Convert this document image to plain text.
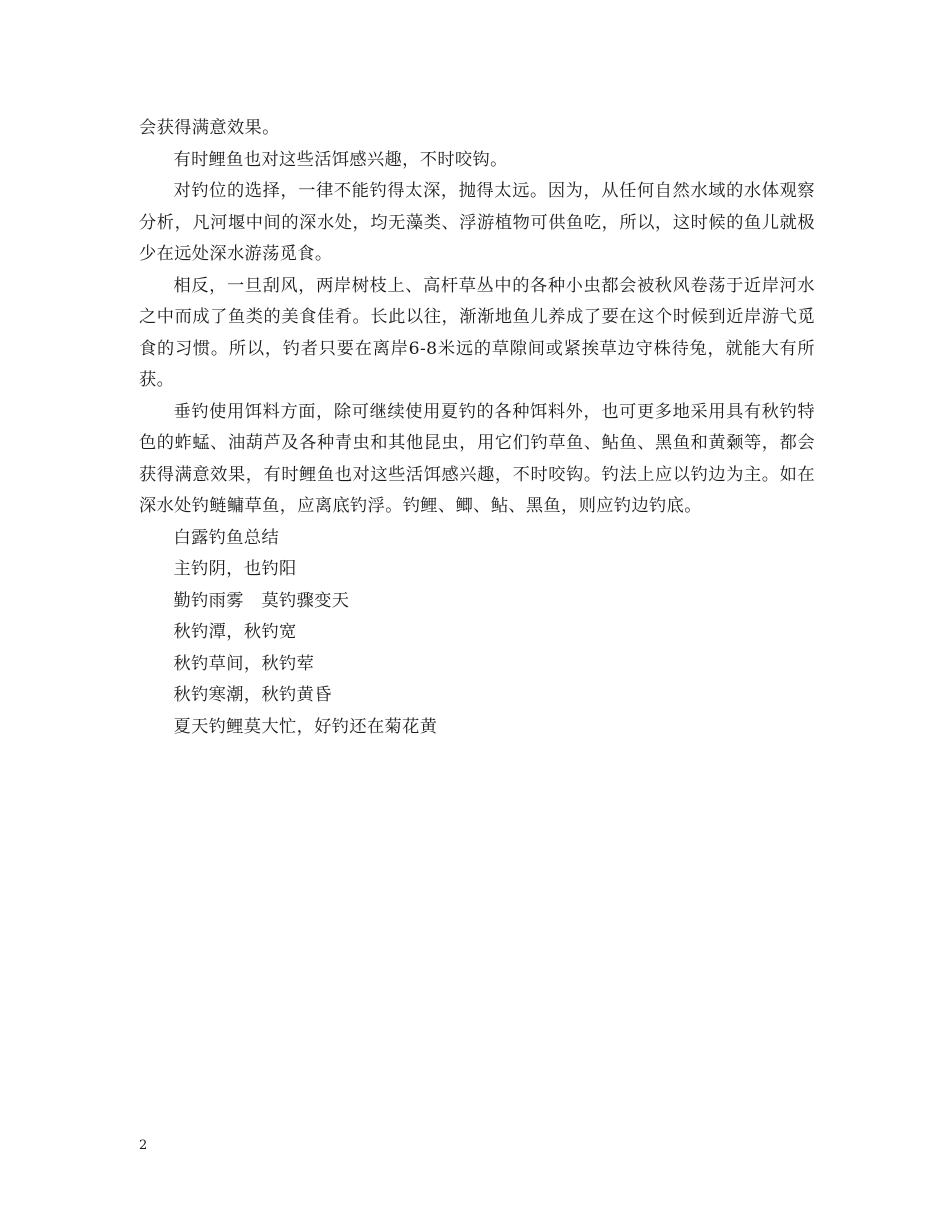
会获得满意效果。

有时鲤鱼也对这些活饵感兴趣，不时咬钩。

对钓位的选择，一律不能钓得太深，抛得太远。因为，从任何自然水域的水体观察分析，凡河堰中间的深水处，均无藻类、浮游植物可供鱼吃，所以，这时候的鱼儿就极少在远处深水游荡觅食。

相反，一旦刮风，两岸树枝上、高杆草丛中的各种小虫都会被秋风卷荡于近岸河水之中而成了鱼类的美食佳肴。长此以往，渐渐地鱼儿养成了要在这个时候到近岸游弋觅食的习惯。所以，钓者只要在离岸6-8米远的草隙间或紧挨草边守株待兔，就能大有所获。

垂钓使用饵料方面，除可继续使用夏钓的各种饵料外，也可更多地采用具有秋钓特色的蚱蜢、油葫芦及各种青虫和其他昆虫，用它们钓草鱼、鲇鱼、黑鱼和黄颡等，都会获得满意效果，有时鲤鱼也对这些活饵感兴趣，不时咬钩。钓法上应以钓边为主。如在深水处钓鲢鳙草鱼，应离底钓浮。钓鲤、鲫、鲇、黑鱼，则应钓边钓底。

白露钓鱼总结
主钓阴，也钓阳
勤钓雨雾　莫钓骤变天
秋钓潭，秋钓宽
秋钓草间，秋钓荤
秋钓寒潮，秋钓黄昏
夏天钓鲤莫大忙，好钓还在菊花黄
2
